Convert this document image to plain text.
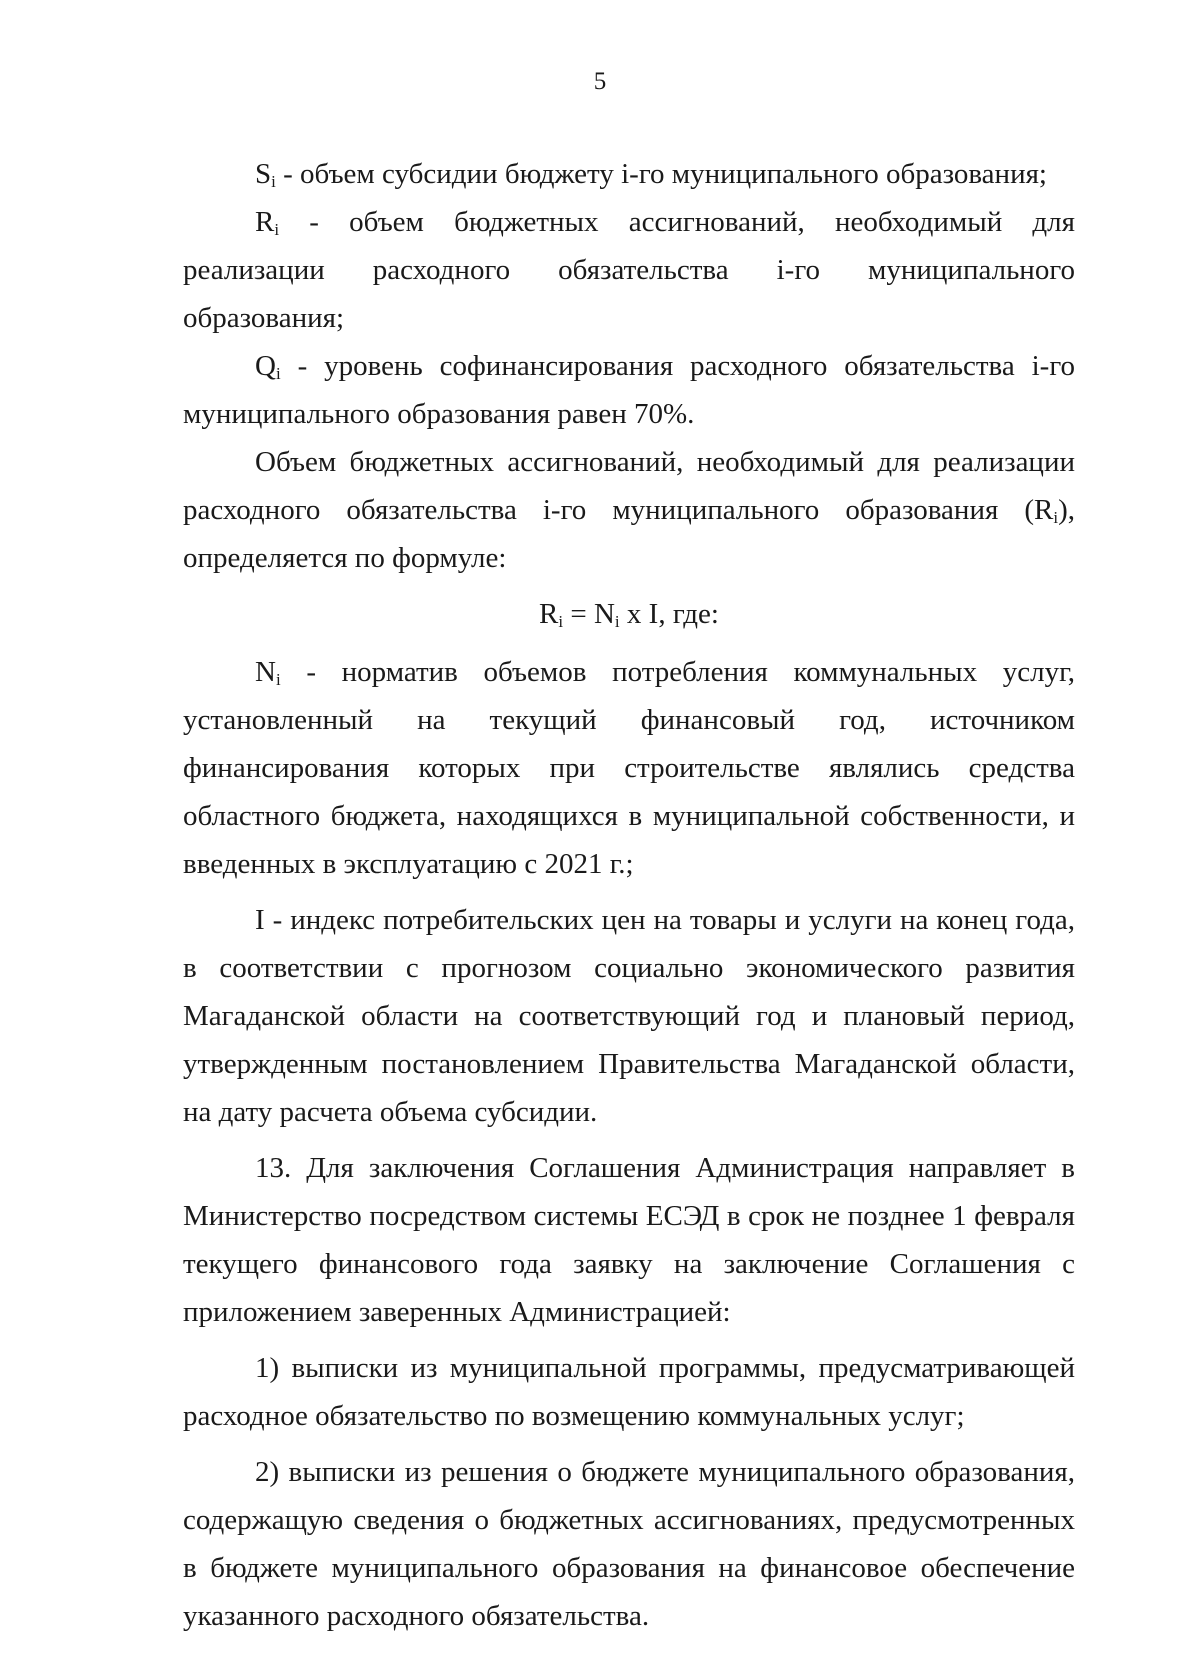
5

$S_i$ - объем субсидии бюджету i-го муниципального образования;

$R_i$ - объем бюджетных ассигнований, необходимый для реализации расходного обязательства i-го муниципального образования;

$Q_i$ - уровень софинансирования расходного обязательства i-го муниципального образования равен 70%.

Объем бюджетных ассигнований, необходимый для реализации расходного обязательства i-го муниципального образования $(R_i)$, определяется по формуле:

$R_i = N_i$ x I, где:

$N_i$ - норматив объемов потребления коммунальных услуг, установленный на текущий финансовый год, источником финансирования которых при строительстве являлись средства областного бюджета, находящихся в муниципальной собственности, и введенных в эксплуатацию с 2021 г.;

I - индекс потребительских цен на товары и услуги на конец года, в соответствии с прогнозом социально экономического развития Магаданской области на соответствующий год и плановый период, утвержденным постановлением Правительства Магаданской области, на дату расчета объема субсидии.

13. Для заключения Соглашения Администрация направляет в Министерство посредством системы ЕСЭД в срок не позднее 1 февраля текущего финансового года заявку на заключение Соглашения с приложением заверенных Администрацией:

1) выписки из муниципальной программы, предусматривающей расходное обязательство по возмещению коммунальных услуг;

2) выписки из решения о бюджете муниципального образования, содержащую сведения о бюджетных ассигнованиях, предусмотренных в бюджете муниципального образования на финансовое обеспечение указанного расходного обязательства.
